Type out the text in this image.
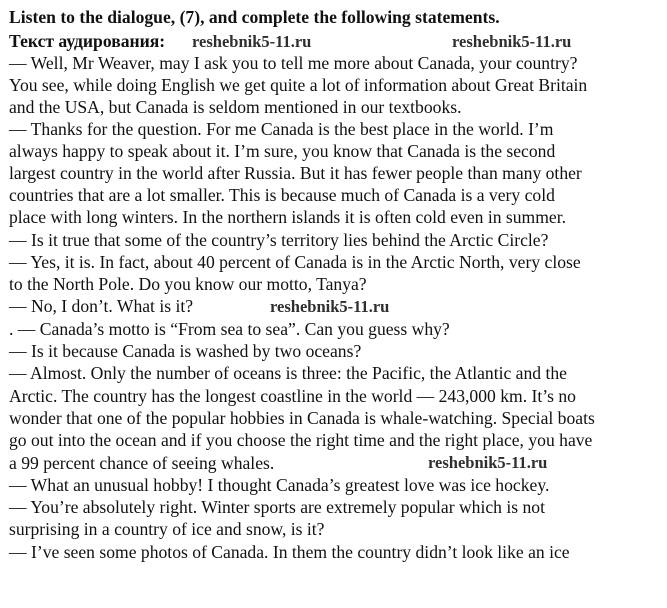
Listen to the dialogue, (7), and complete the following statements.
Текст аудирования:
— Well, Mr Weaver, may I ask you to tell me more about Canada, your country?
You see, while doing English we get quite a lot of information about Great Britain
and the USA, but Canada is seldom mentioned in our textbooks.
— Thanks for the question. For me Canada is the best place in the world. I’m
always happy to speak about it. I’m sure, you know that Canada is the second
largest country in the world after Russia. But it has fewer people than many other
countries that are a lot smaller. This is because much of Canada is a very cold
place with long winters. In the northern islands it is often cold even in summer.
— Is it true that some of the country’s territory lies behind the Arctic Circle?
— Yes, it is. In fact, about 40 percent of Canada is in the Arctic North, very close
to the North Pole. Do you know our motto, Tanya?
— No, I don’t. What is it?
. — Canada’s motto is “From sea to sea”. Can you guess why?
— Is it because Canada is washed by two oceans?
— Almost. Only the number of oceans is three: the Pacific, the Atlantic and the
Arctic. The country has the longest coastline in the world — 243,000 km. It’s no
wonder that one of the popular hobbies in Canada is whale-watching. Special boats
go out into the ocean and if you choose the right time and the right place, you have
a 99 percent chance of seeing whales.
— What an unusual hobby! I thought Canada’s greatest love was ice hockey.
— You’re absolutely right. Winter sports are extremely popular which is not
surprising in a country of ice and snow, is it?
— I’ve seen some photos of Canada. In them the country didn’t look like an ice
reshebnik5-11.ru	reshebnik5-11.ru
reshebnik5-11.ru
reshebnik5-11.ru
